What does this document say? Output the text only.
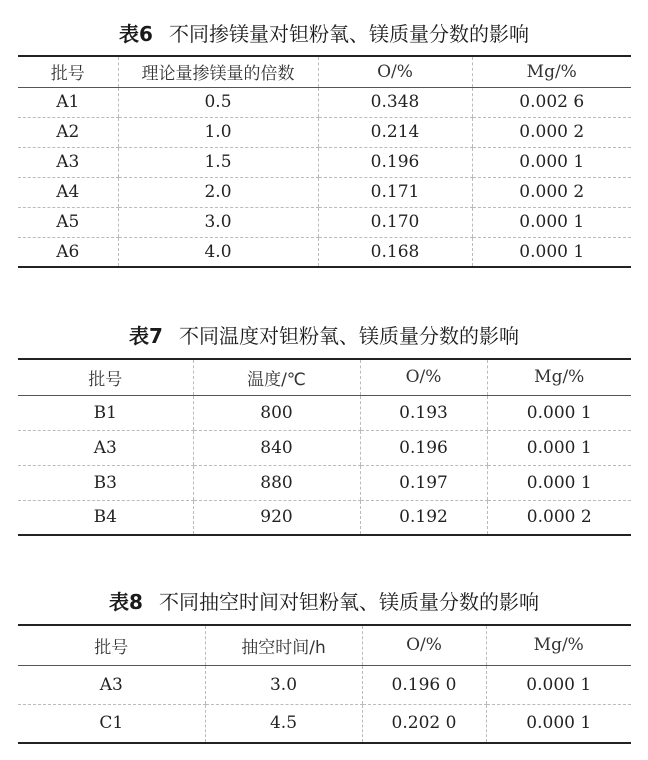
表6 不同掺镁量对钽粉氧、镁质量分数的影响
批号	理论量掺镁量的倍数	O/%	Mg/%
A1	0.5	0.348	0.002 6
A2	1.0	0.214	0.000 2
A3	1.5	0.196	0.000 1
A4	2.0	0.171	0.000 2
A5	3.0	0.170	0.000 1
A6	4.0	0.168	0.000 1
表7 不同温度对钽粉氧、镁质量分数的影响
批号	温度/℃	O/%	Mg/%
B1	800	0.193	0.000 1
A3	840	0.196	0.000 1
B3	880	0.197	0.000 1
B4	920	0.192	0.000 2
表8 不同抽空时间对钽粉氧、镁质量分数的影响
批号	抽空时间/h	O/%	Mg/%
A3	3.0	0.196 0	0.000 1
C1	4.5	0.202 0	0.000 1
